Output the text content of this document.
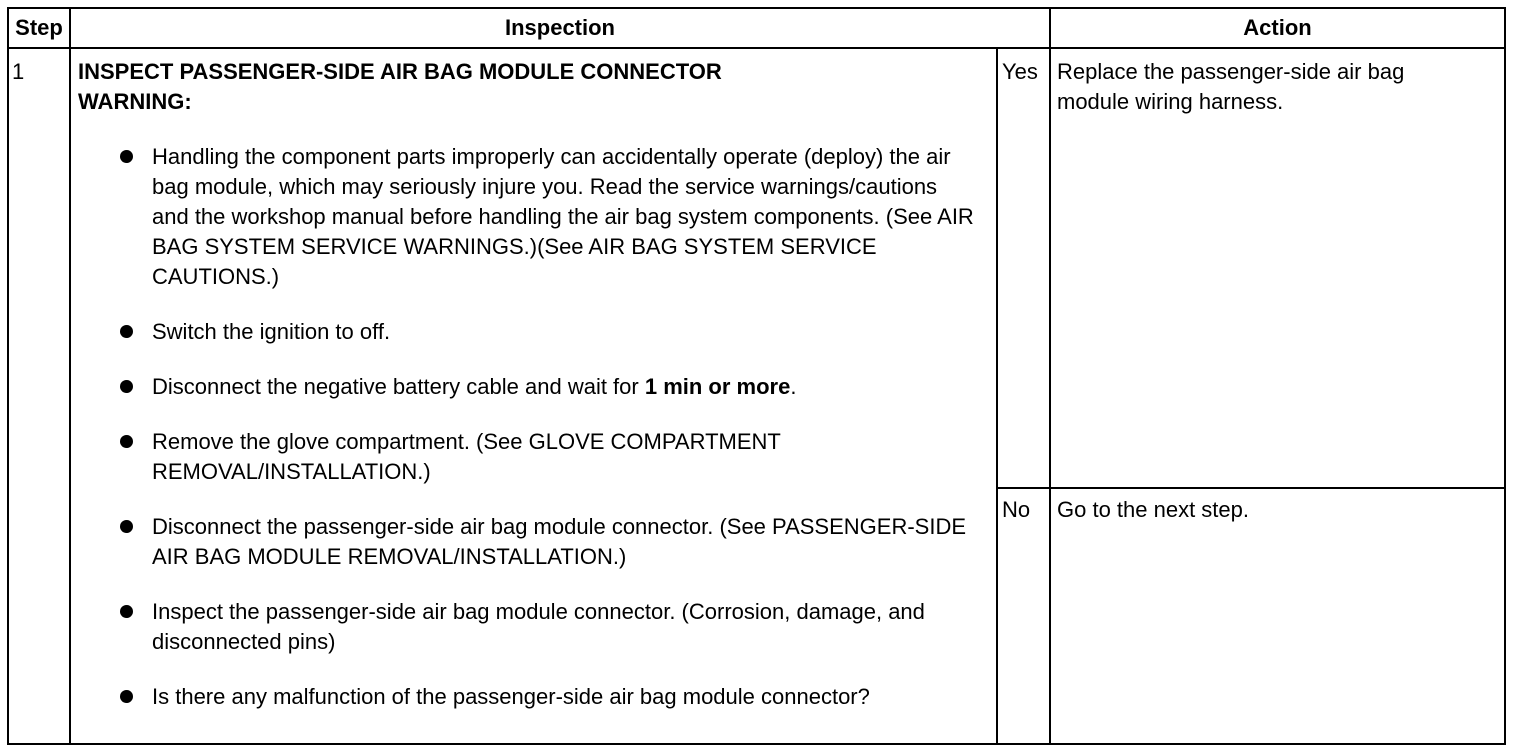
Step	Inspection	Action
1 INSPECT PASSENGER-SIDE AIR BAG MODULE CONNECTOR
WARNING:
Handling the component parts improperly can accidentally operate (deploy) the air bag module, which may seriously injure you. Read the service warnings/cautions and the workshop manual before handling the air bag system components. (See AIR BAG SYSTEM SERVICE WARNINGS.)(See AIR BAG SYSTEM SERVICE CAUTIONS.)
Switch the ignition to off.
Disconnect the negative battery cable and wait for 1 min or more.
Remove the glove compartment. (See GLOVE COMPARTMENT REMOVAL/INSTALLATION.)
Disconnect the passenger-side air bag module connector. (See PASSENGER-SIDE AIR BAG MODULE REMOVAL/INSTALLATION.)
Inspect the passenger-side air bag module connector. (Corrosion, damage, and disconnected pins)
Is there any malfunction of the passenger-side air bag module connector?
Yes Replace the passenger-side air bag module wiring harness.
No Go to the next step.
